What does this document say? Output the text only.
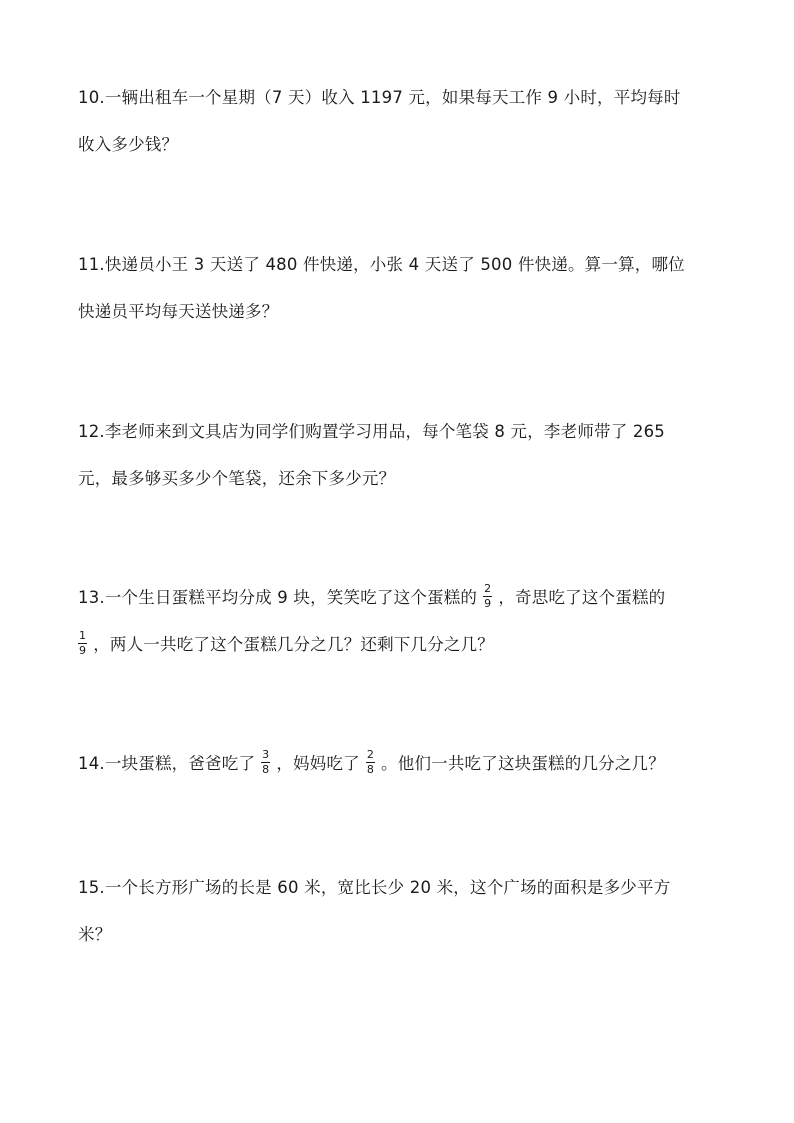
10.一辆出租车一个星期（7 天）收入 1197 元，如果每天工作 9 小时，平均每时
收入多少钱？
11.快递员小王 3 天送了 480 件快递，小张 4 天送了 500 件快递。算一算，哪位
快递员平均每天送快递多？
12.李老师来到文具店为同学们购置学习用品，每个笔袋 8 元，李老师带了 265
元，最多够买多少个笔袋，还余下多少元？
13.一个生日蛋糕平均分成 9 块，笑笑吃了这个蛋糕的 $\frac{2}{9}$ ，奇思吃了这个蛋糕的
$\frac{1}{9}$ ，两人一共吃了这个蛋糕几分之几？还剩下几分之几？
14.一块蛋糕，爸爸吃了 $\frac{3}{8}$ ，妈妈吃了 $\frac{2}{8}$ 。他们一共吃了这块蛋糕的几分之几？
15.一个长方形广场的长是 60 米，宽比长少 20 米，这个广场的面积是多少平方
米？
